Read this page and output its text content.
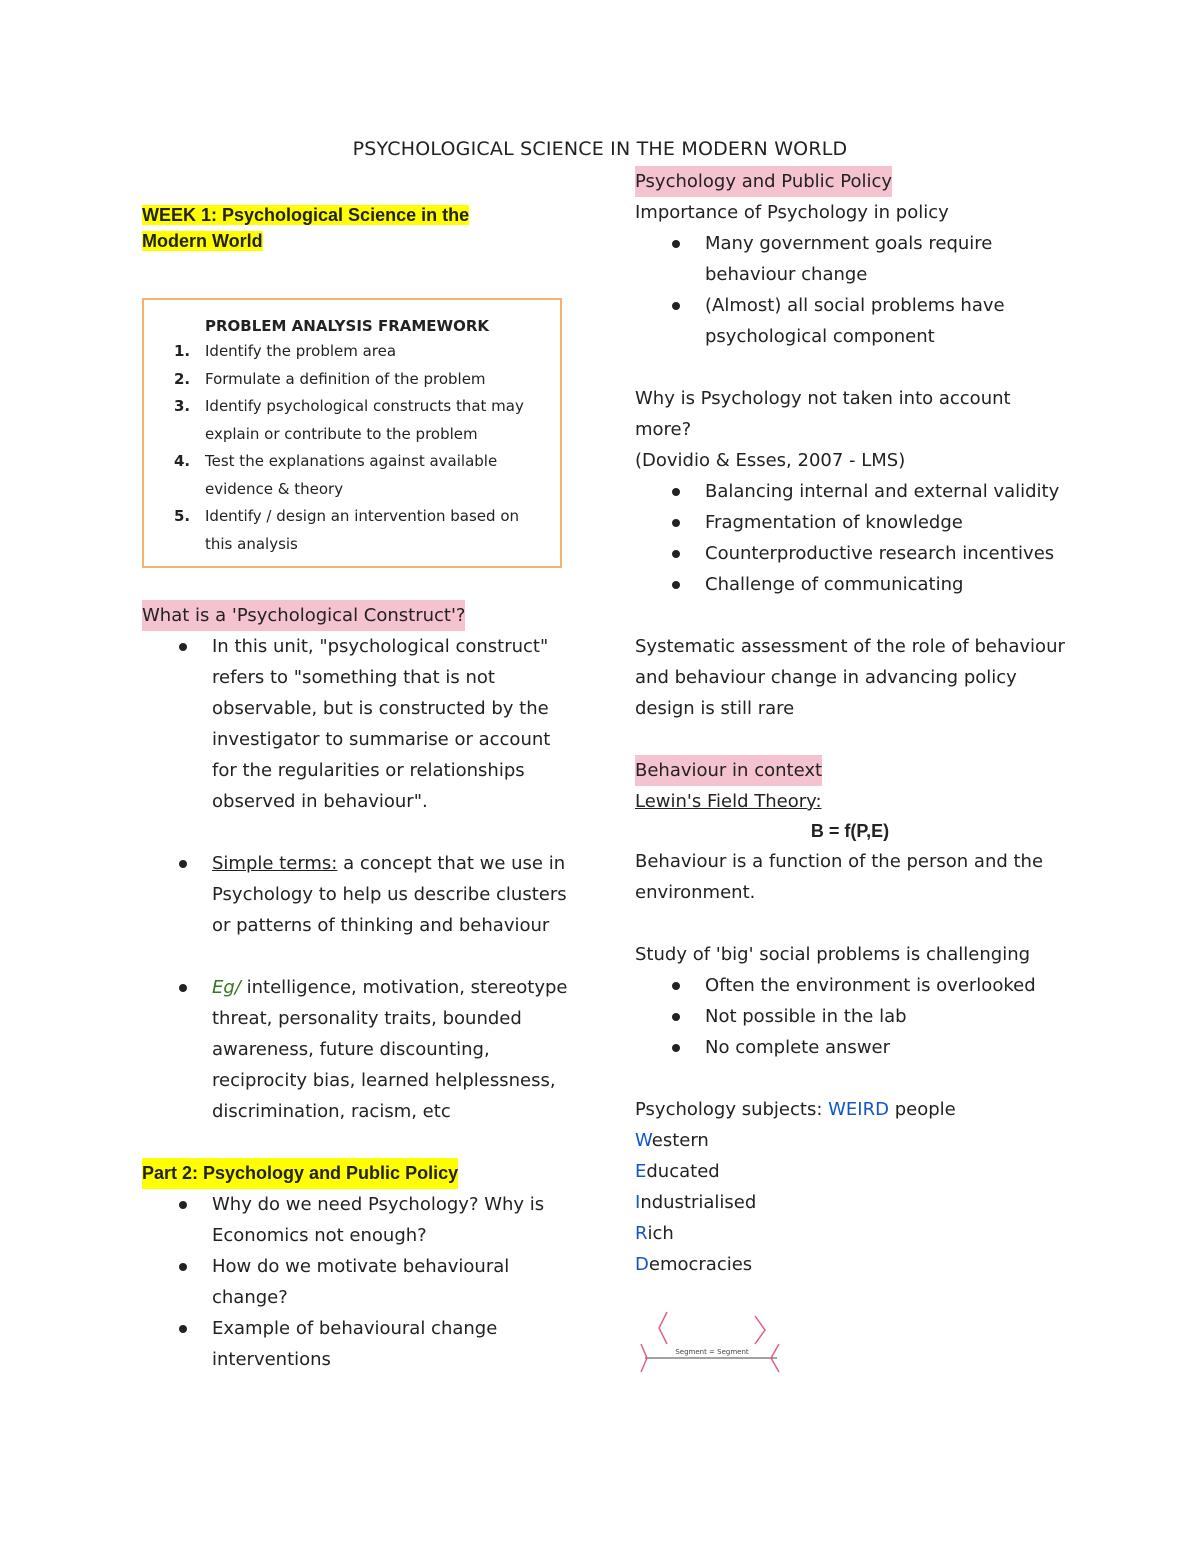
PSYCHOLOGICAL SCIENCE IN THE MODERN WORLD

WEEK 1: Psychological Science in the
Modern World

PROBLEM ANALYSIS FRAMEWORK
1. Identify the problem area
2. Formulate a definition of the problem
3. Identify psychological constructs that may explain or contribute to the problem
4. Test the explanations against available evidence & theory
5. Identify / design an intervention based on this analysis
What is a 'Psychological Construct'?
In this unit, "psychological construct" refers to "something that is not observable, but is constructed by the investigator to summarise or account for the regularities or relationships observed in behaviour".
Simple terms: a concept that we use in Psychology to help us describe clusters or patterns of thinking and behaviour
Eg/ intelligence, motivation, stereotype threat, personality traits, bounded awareness, future discounting, reciprocity bias, learned helplessness, discrimination, racism, etc
Part 2: Psychology and Public Policy
Why do we need Psychology? Why is Economics not enough?
How do we motivate behavioural change?
Example of behavioural change interventions
Psychology and Public Policy

Importance of Psychology in policy

Many government goals require behaviour change
(Almost) all social problems have psychological component

Why is Psychology not taken into account more?

(Dovidio & Esses, 2007 - LMS)

Balancing internal and external validity
Fragmentation of knowledge
Counterproductive research incentives
Challenge of communicating

Systematic assessment of the role of behaviour and behaviour change in advancing policy design is still rare

Behaviour in context

Lewin's Field Theory:

B = f(P,E)

Behaviour is a function of the person and the environment.

Study of 'big' social problems is challenging

Often the environment is overlooked
Not possible in the lab
No complete answer

Psychology subjects: WEIRD people

Western

Educated

Industrialised

Rich

Democracies

Segment = Segment
